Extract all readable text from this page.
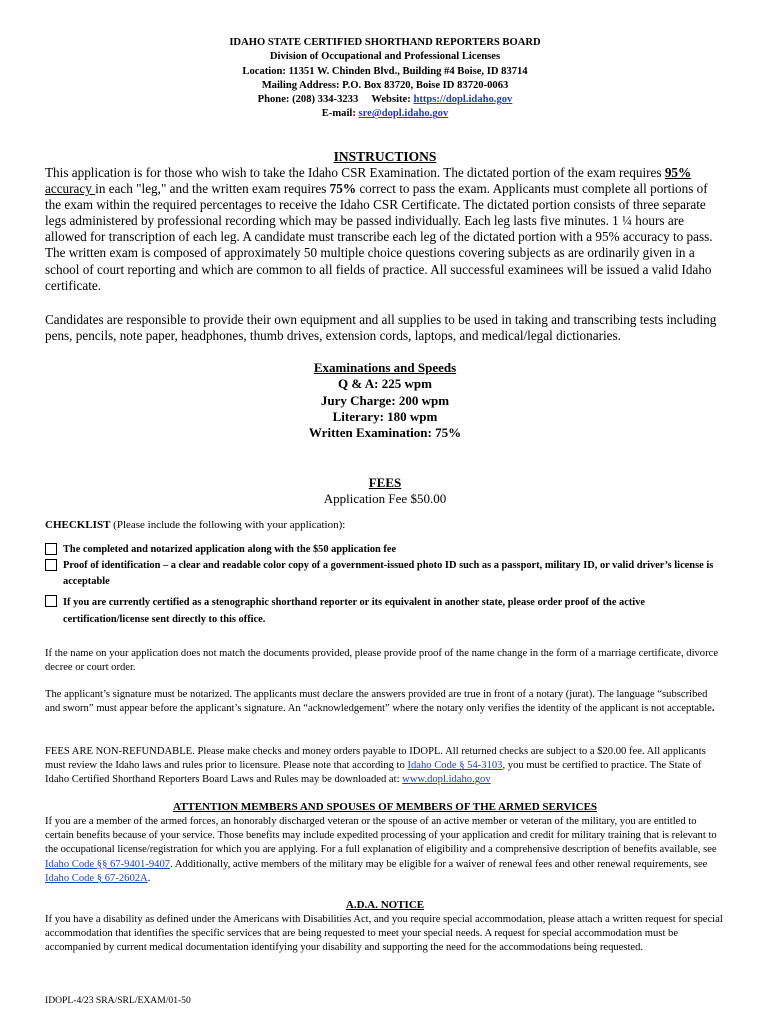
IDAHO STATE CERTIFIED SHORTHAND REPORTERS BOARD
Division of Occupational and Professional Licenses
Location: 11351 W. Chinden Blvd., Building #4 Boise, ID 83714
Mailing Address: P.O. Box 83720, Boise ID 83720-0063
Phone: (208) 334-3233 Website: https://dopl.idaho.gov
E-mail: sre@dopl.idaho.gov
INSTRUCTIONS
This application is for those who wish to take the Idaho CSR Examination. The dictated portion of the exam requires 95% accuracy in each "leg," and the written exam requires 75% correct to pass the exam. Applicants must complete all portions of the exam within the required percentages to receive the Idaho CSR Certificate. The dictated portion consists of three separate legs administered by professional recording which may be passed individually. Each leg lasts five minutes. 1 ¼ hours are allowed for transcription of each leg. A candidate must transcribe each leg of the dictated portion with a 95% accuracy to pass. The written exam is composed of approximately 50 multiple choice questions covering subjects as are ordinarily given in a school of court reporting and which are common to all fields of practice. All successful examinees will be issued a valid Idaho certificate.
Candidates are responsible to provide their own equipment and all supplies to be used in taking and transcribing tests including pens, pencils, note paper, headphones, thumb drives, extension cords, laptops, and medical/legal dictionaries.
Examinations and Speeds
Q & A: 225 wpm
Jury Charge: 200 wpm
Literary: 180 wpm
Written Examination: 75%
FEES
Application Fee $50.00
CHECKLIST (Please include the following with your application):
The completed and notarized application along with the $50 application fee
Proof of identification – a clear and readable color copy of a government-issued photo ID such as a passport, military ID, or valid driver’s license is acceptable
If you are currently certified as a stenographic shorthand reporter or its equivalent in another state, please order proof of the active certification/license sent directly to this office.
If the name on your application does not match the documents provided, please provide proof of the name change in the form of a marriage certificate, divorce decree or court order.
The applicant’s signature must be notarized. The applicants must declare the answers provided are true in front of a notary (jurat). The language “subscribed and sworn” must appear before the applicant’s signature. An “acknowledgement” where the notary only verifies the identity of the applicant is not acceptable.
FEES ARE NON-REFUNDABLE. Please make checks and money orders payable to IDOPL. All returned checks are subject to a $20.00 fee. All applicants must review the Idaho laws and rules prior to licensure. Please note that according to Idaho Code § 54-3103, you must be certified to practice. The State of Idaho Certified Shorthand Reporters Board Laws and Rules may be downloaded at: www.dopl.idaho.gov
ATTENTION MEMBERS AND SPOUSES OF MEMBERS OF THE ARMED SERVICES
If you are a member of the armed forces, an honorably discharged veteran or the spouse of an active member or veteran of the military, you are entitled to certain benefits because of your service. Those benefits may include expedited processing of your application and credit for military training that is relevant to the occupational license/registration for which you are applying. For a full explanation of eligibility and a comprehensive description of benefits available, see Idaho Code §§ 67-9401-9407. Additionally, active members of the military may be eligible for a waiver of renewal fees and other renewal requirements, see Idaho Code § 67-2602A.
A.D.A. NOTICE
If you have a disability as defined under the Americans with Disabilities Act, and you require special accommodation, please attach a written request for special accommodation that identifies the specific services that are being requested to meet your special needs. A request for special accommodation must be accompanied by current medical documentation identifying your disability and supporting the need for the accommodations being requested.
IDOPL-4/23 SRA/SRL/EXAM/01-50
